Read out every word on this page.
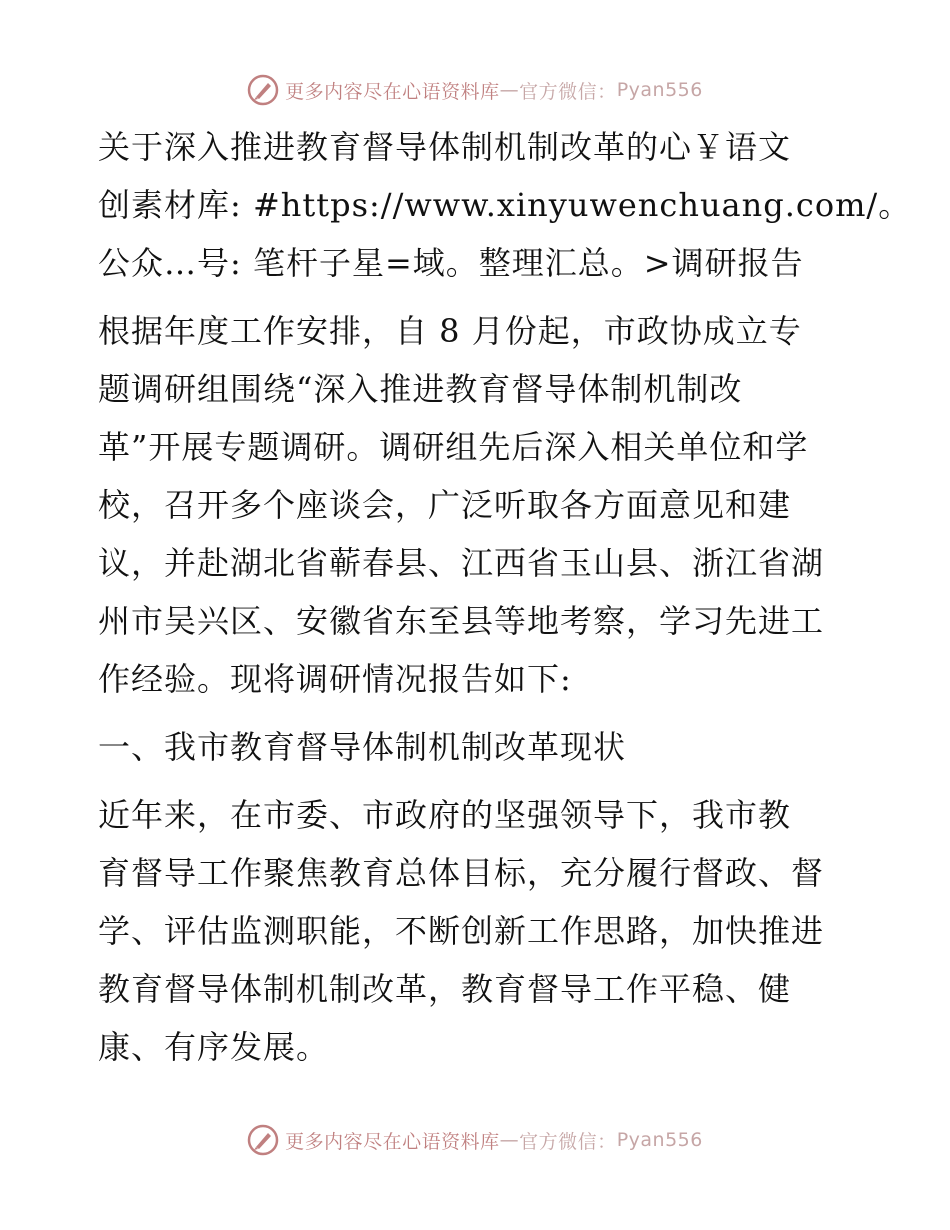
更多内容尽在心语资料库 — 官方微信： Pyan556

关于深入推进教育督导体制机制改革的心￥语文
创素材库: #https://www.xinyuwenchuang.com/。
公众…号: 笔杆子星=域。整理汇总。>调研报告

根据年度工作安排，自 8 月份起，市政协成立专
题调研组围绕“深入推进教育督导体制机制改
革”开展专题调研。调研组先后深入相关单位和学
校，召开多个座谈会，广泛听取各方面意见和建
议，并赴湖北省蕲春县、江西省玉山县、浙江省湖
州市吴兴区、安徽省东至县等地考察，学习先进工
作经验。现将调研情况报告如下:

一、我市教育督导体制机制改革现状

近年来，在市委、市政府的坚强领导下，我市教
育督导工作聚焦教育总体目标，充分履行督政、督
学、评估监测职能，不断创新工作思路，加快推进
教育督导体制机制改革，教育督导工作平稳、健
康、有序发展。

更多内容尽在心语资料库 — 官方微信： Pyan556
